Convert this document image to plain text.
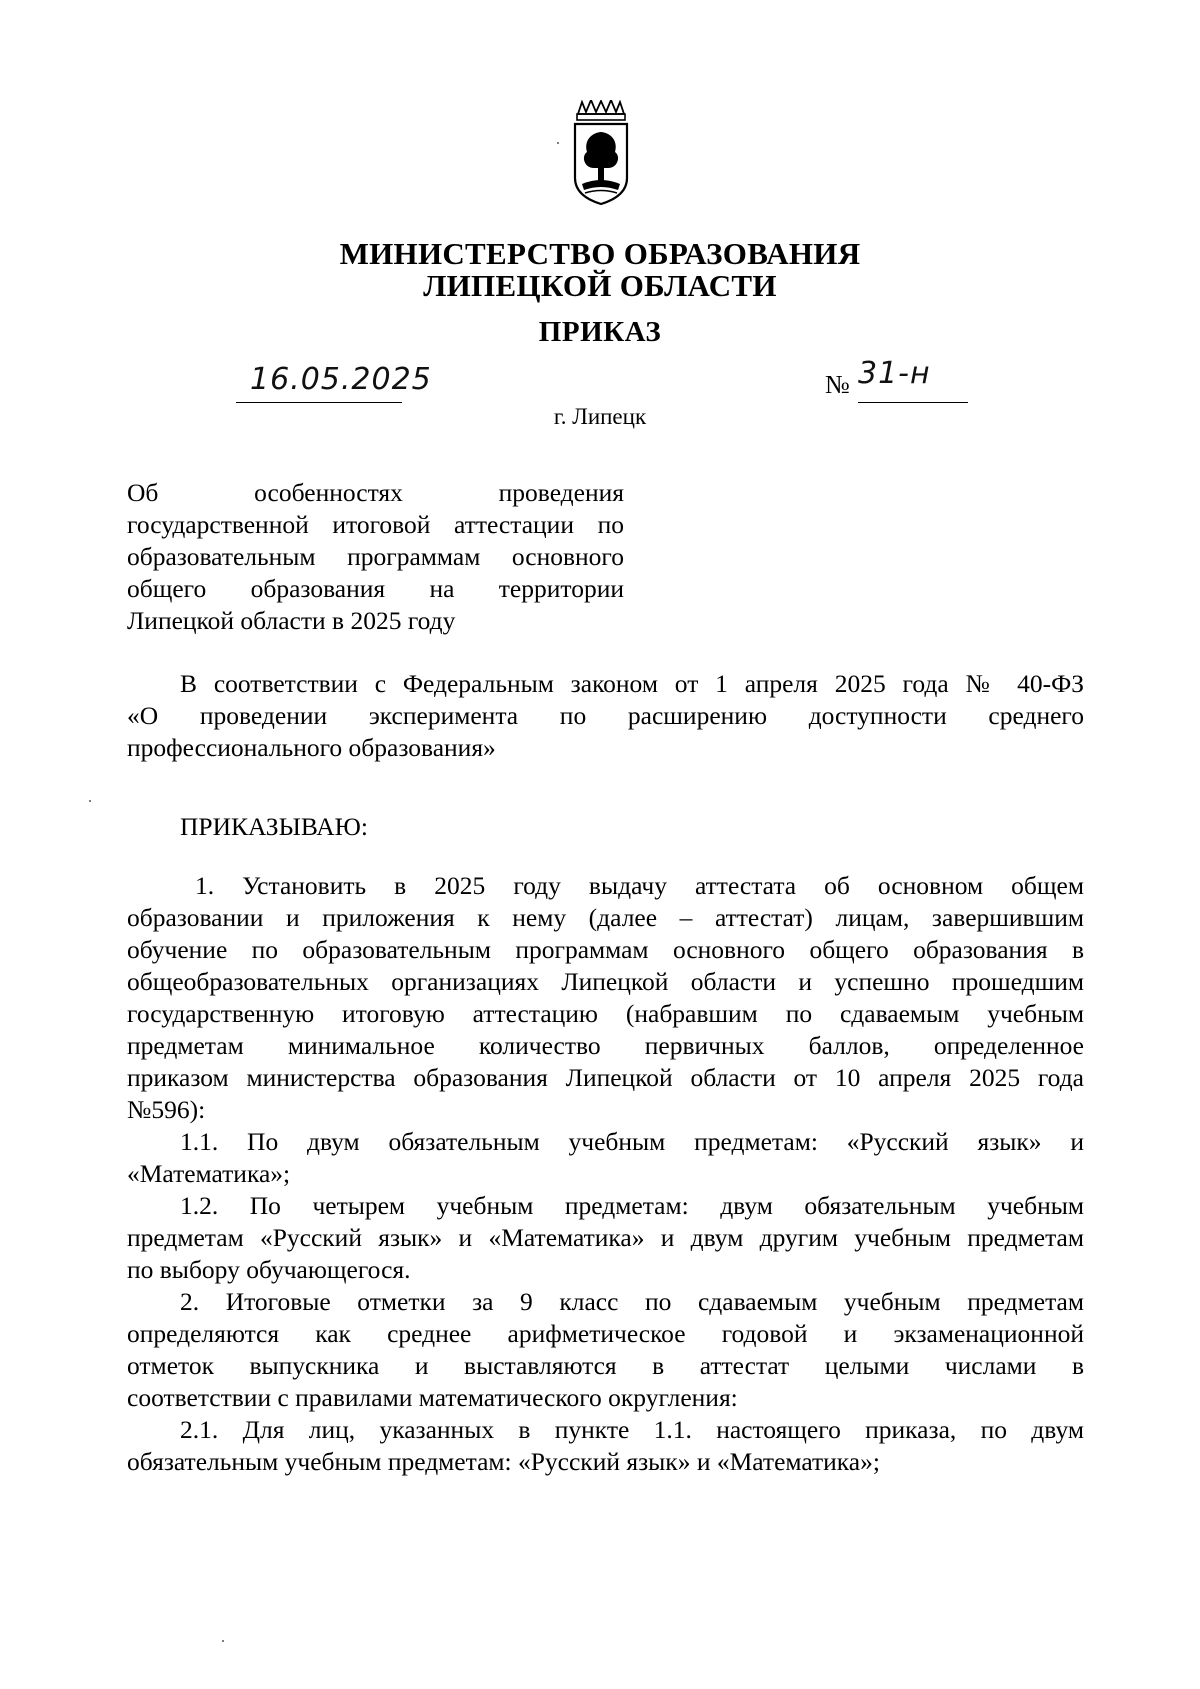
МИНИСТЕРСТВО ОБРАЗОВАНИЯ
ЛИПЕЦКОЙ ОБЛАСТИ
ПРИКАЗ
16.05.2025	№ 31-н
г. Липецк
Об	особенностях	проведения
государственной итоговой аттестации по
образовательным программам основного
общего образования на территории
Липецкой области в 2025 году
В соответствии с Федеральным законом от 1 апреля 2025 года № 40-ФЗ
«О проведении эксперимента по расширению доступности среднего
профессионального образования»

ПРИКАЗЫВАЮ:

1. Установить в 2025 году выдачу аттестата об основном общем
образовании и приложения к нему (далее – аттестат) лицам, завершившим
обучение по образовательным программам основного общего образования в
общеобразовательных организациях Липецкой области и успешно прошедшим
государственную итоговую аттестацию (набравшим по сдаваемым учебным
предметам минимальное количество первичных баллов, определенное
приказом министерства образования Липецкой области от 10 апреля 2025 года
№596):
1.1. По двум обязательным учебным предметам: «Русский язык» и
«Математика»;
1.2. По четырем учебным предметам: двум обязательным учебным
предметам «Русский язык» и «Математика» и двум другим учебным предметам
по выбору обучающегося.
2. Итоговые отметки за 9 класс по сдаваемым учебным предметам
определяются как среднее арифметическое годовой и экзаменационной
отметок выпускника и выставляются в аттестат целыми числами в
соответствии с правилами математического округления:
2.1. Для лиц, указанных в пункте 1.1. настоящего приказа, по двум
обязательным учебным предметам: «Русский язык» и «Математика»;
